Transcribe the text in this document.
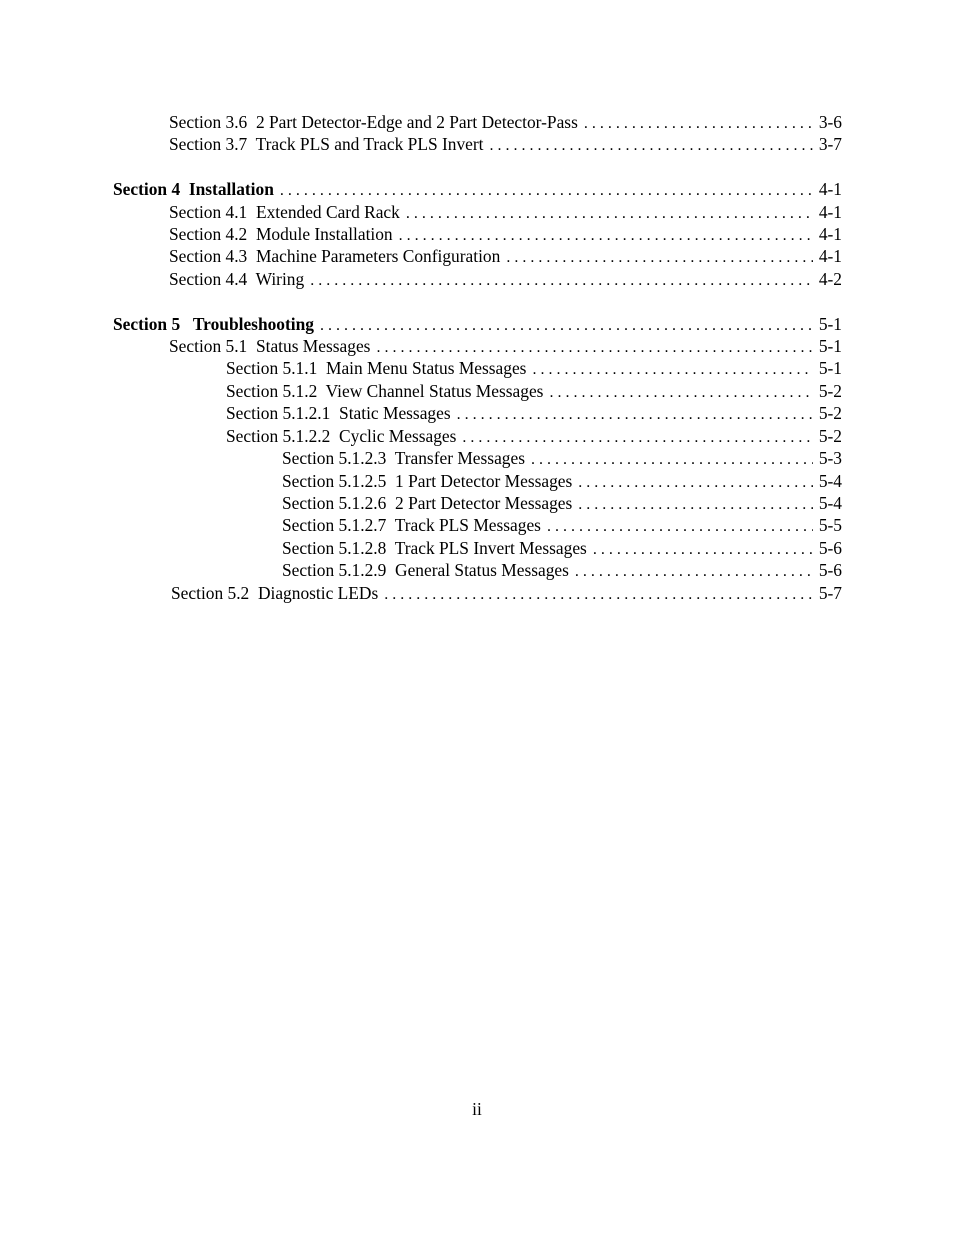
Section 3.6  2 Part Detector-Edge and 2 Part Detector-Pass . . .	3-6
Section 3.7  Track PLS and Track PLS Invert . . .	3-7
Section 4  Installation . . .	4-1
Section 4.1  Extended Card Rack . . .	4-1
Section 4.2  Module Installation . . .	4-1
Section 4.3  Machine Parameters Configuration . . .	4-1
Section 4.4  Wiring . . .	4-2
Section 5   Troubleshooting . . .	5-1
Section 5.1  Status Messages . . .	5-1
Section 5.1.1  Main Menu Status Messages . . .	5-1
Section 5.1.2  View Channel Status Messages . . .	5-2
Section 5.1.2.1  Static Messages . . .	5-2
Section 5.1.2.2  Cyclic Messages . . .	5-2
Section 5.1.2.3  Transfer Messages . . .	5-3
Section 5.1.2.5  1 Part Detector Messages . . .	5-4
Section 5.1.2.6  2 Part Detector Messages . . .	5-4
Section 5.1.2.7  Track PLS Messages . . .	5-5
Section 5.1.2.8  Track PLS Invert Messages . . .	5-6
Section 5.1.2.9  General Status Messages . . .	5-6
Section 5.2  Diagnostic LEDs . . .	5-7
ii
